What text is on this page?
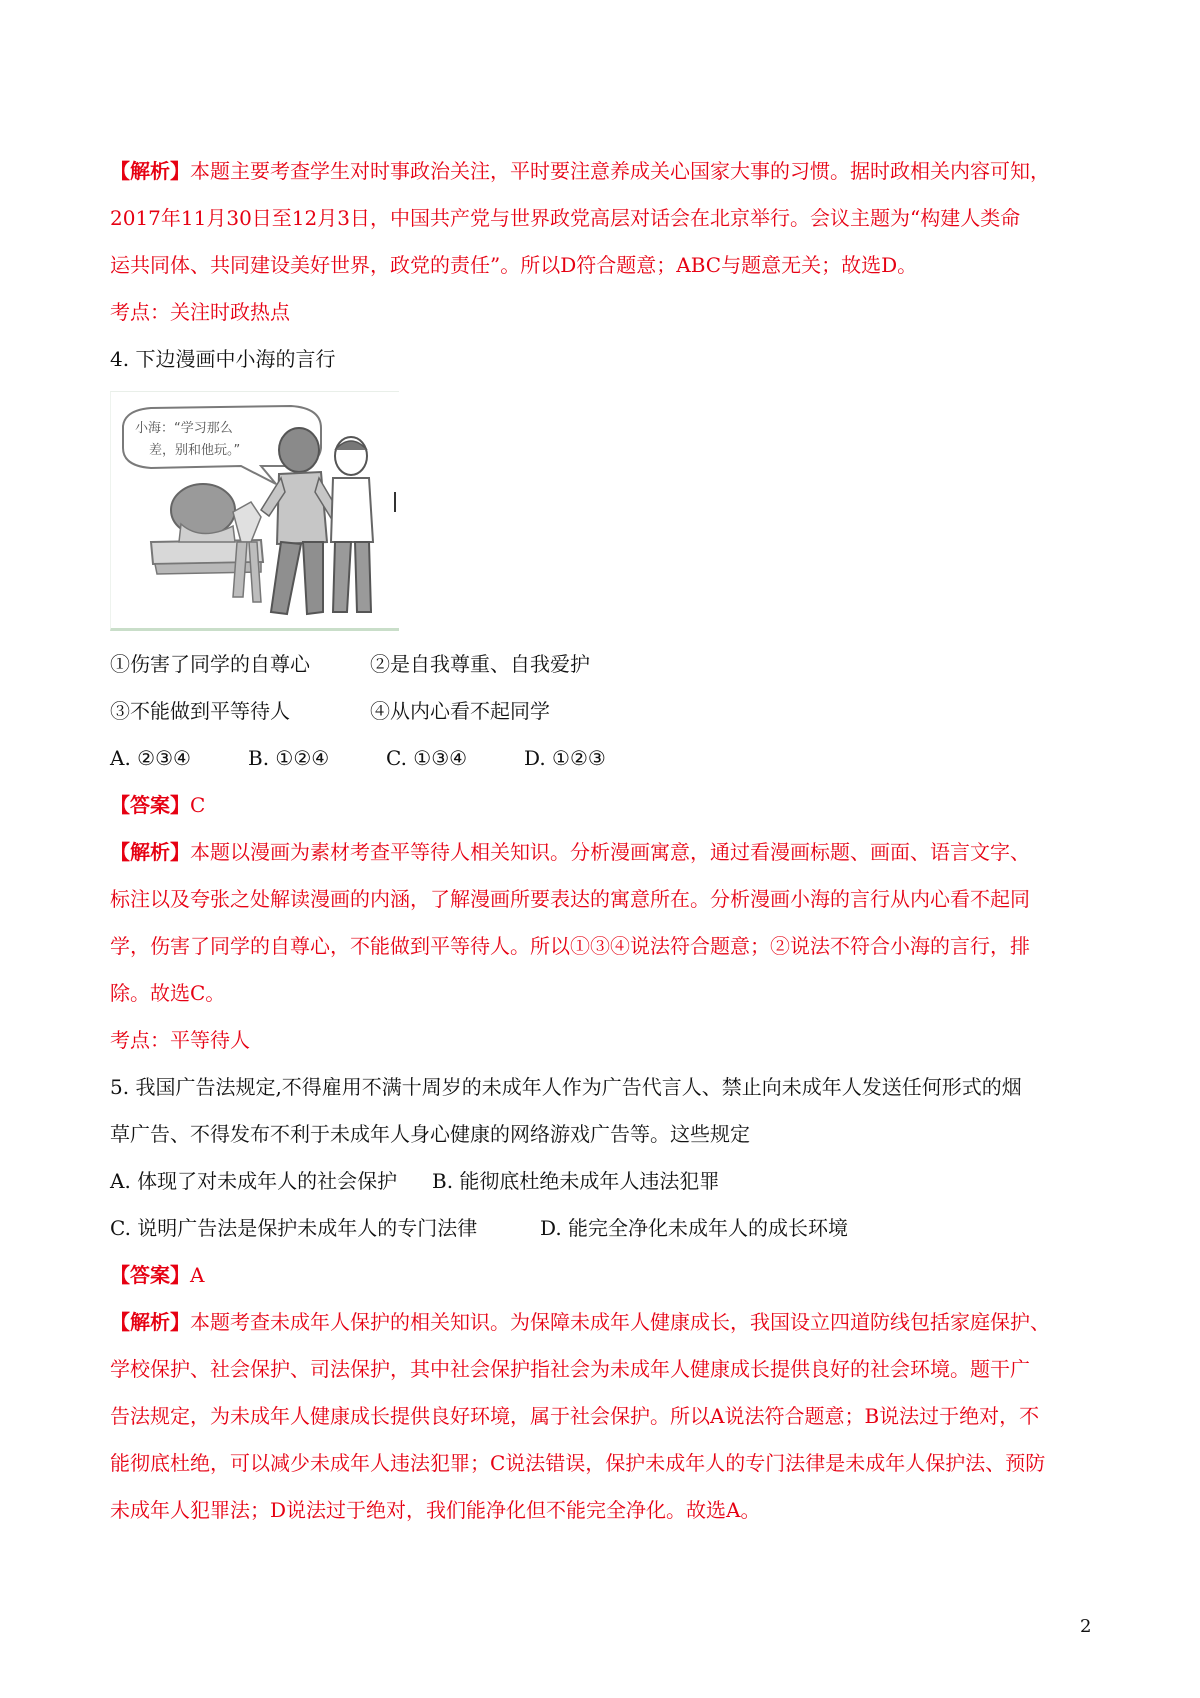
【解析】本题主要考查学生对时事政治关注，平时要注意养成关心国家大事的习惯。据时政相关内容可知，
2017年11月30日至12月3日，中国共产党与世界政党高层对话会在北京举行。会议主题为“构建人类命
运共同体、共同建设美好世界，政党的责任”。所以D符合题意；ABC与题意无关；故选D。
考点：关注时政热点
4. 下边漫画中小海的言行
小海：“学习那么
差，别和他玩。”
①伤害了同学的自尊心	②是自我尊重、自我爱护
③不能做到平等待人	④从内心看不起同学
A. ②③④	B. ①②④	C. ①③④	D. ①②③
【答案】C
【解析】本题以漫画为素材考查平等待人相关知识。分析漫画寓意，通过看漫画标题、画面、语言文字、
标注以及夸张之处解读漫画的内涵，了解漫画所要表达的寓意所在。分析漫画小海的言行从内心看不起同
学，伤害了同学的自尊心，不能做到平等待人。所以①③④说法符合题意；②说法不符合小海的言行，排
除。故选C。
考点：平等待人
5. 我国广告法规定,不得雇用不满十周岁的未成年人作为广告代言人、禁止向未成年人发送任何形式的烟
草广告、不得发布不利于未成年人身心健康的网络游戏广告等。这些规定
A. 体现了对未成年人的社会保护	B. 能彻底杜绝未成年人违法犯罪
C. 说明广告法是保护未成年人的专门法律	D. 能完全净化未成年人的成长环境
【答案】A
【解析】本题考查未成年人保护的相关知识。为保障未成年人健康成长，我国设立四道防线包括家庭保护、
学校保护、社会保护、司法保护，其中社会保护指社会为未成年人健康成长提供良好的社会环境。题干广
告法规定，为未成年人健康成长提供良好环境，属于社会保护。所以A说法符合题意；B说法过于绝对，不
能彻底杜绝，可以减少未成年人违法犯罪；C说法错误，保护未成年人的专门法律是未成年人保护法、预防
未成年人犯罪法；D说法过于绝对，我们能净化但不能完全净化。故选A。
2
